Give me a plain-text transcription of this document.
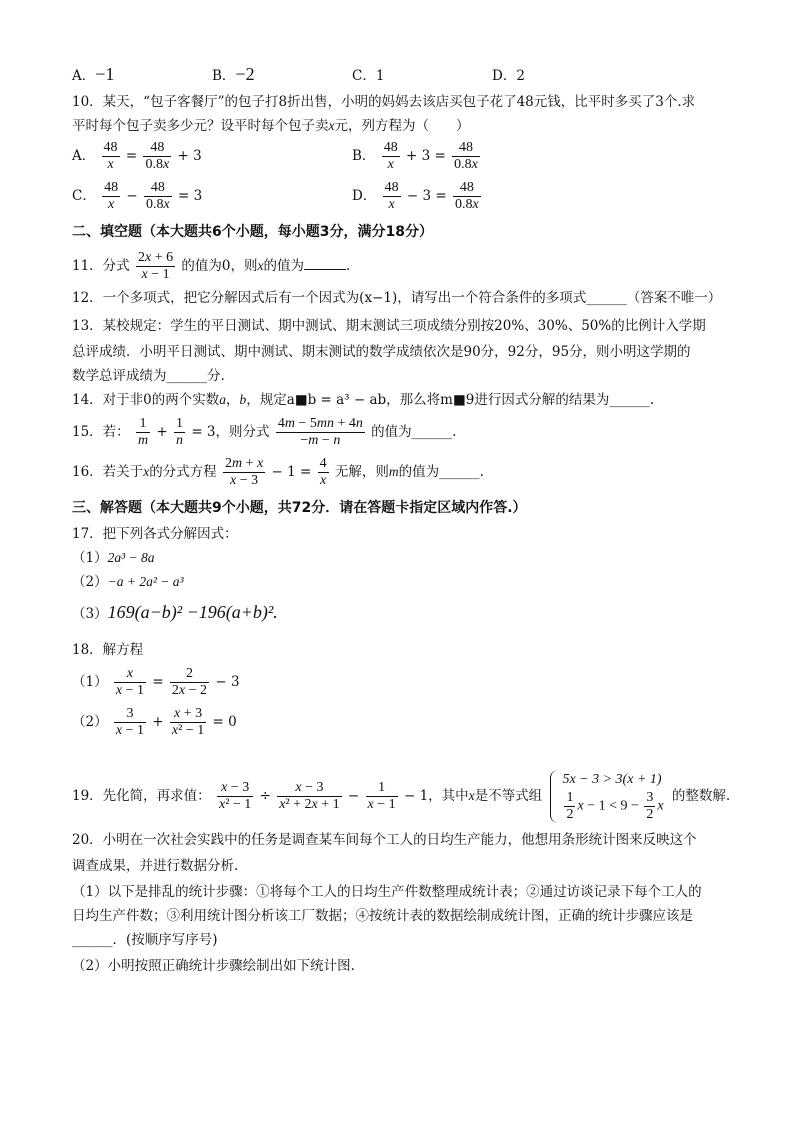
A．−1	B．−2	C．1	D．2
10．某天，“包子客餐厅”的包子打8折出售，小明的妈妈去该店买包子花了48元钱，比平时多买了3个.求
平时每个包子卖多少元？设平时每个包子卖x元，列方程为（　　）
A． $\frac{48}{x} = \frac{48}{0.8x} + 3$	B． $\frac{48}{x} + 3 = \frac{48}{0.8x}$
C． $\frac{48}{x} - \frac{48}{0.8x} = 3$	D． $\frac{48}{x} - 3 = \frac{48}{0.8x}$
二、填空题（本大题共6个小题，每小题3分，满分18分）
11．分式 $\frac{2x + 6}{x - 1}$ 的值为0，则x的值为	.
12．一个多项式，把它分解因式后有一个因式为(x−1)，请写出一个符合条件的多项式______（答案不唯一）
13．某校规定：学生的平日测试、期中测试、期末测试三项成绩分别按20%、30%、50%的比例计入学期
总评成绩．小明平日测试、期中测试、期末测试的数学成绩依次是90分，92分，95分，则小明这学期的
数学总评成绩为______分.
14．对于非0的两个实数a，b，规定a■b = a³ − ab，那么将m■9进行因式分解的结果为______.
15．若： $\frac{1}{m} + \frac{1}{n} = 3$，则分式 $\frac{4m - 5mn + 4n}{-m - n}$ 的值为______.
16．若关于x的分式方程 $\frac{2m + x}{x - 3} - 1 = \frac{4}{x}$ 无解，则m的值为______.
三、解答题（本大题共9个小题，共72分．请在答题卡指定区域内作答.）
17．把下列各式分解因式：
（1）2a³ − 8a
（2）−a + 2a² − a³
（3）169(a−b)² −196(a+b)².
18．解方程
$(1) \frac{x}{x - 1} = \frac{2}{2x - 2} - 3$
$(2) \frac{3}{x - 1} + \frac{x + 3}{\text{x² − 1}} = 0$
19．先化简，再求值： $\frac{x - 3}{\text{x² − 1}} \div \frac{x - 3}{\text{x² + 2x + 1}} - \frac{1}{x - 1} - 1$，其中x是不等式组
5x − 3 > 3(x + 1)
$\frac{1}{2}$ $x - 1 < 9 - \frac{3}{2}$ x
的整数解.
20．小明在一次社会实践中的任务是调查某车间每个工人的日均生产能力，他想用条形统计图来反映这个
调查成果，并进行数据分析.
（1）以下是排乱的统计步骤：①将每个工人的日均生产件数整理成统计表；②通过访谈记录下每个工人的
日均生产件数；③利用统计图分析该工厂数据；④按统计表的数据绘制成统计图，正确的统计步骤应该是
______．(按顺序写序号)
（2）小明按照正确统计步骤绘制出如下统计图.
